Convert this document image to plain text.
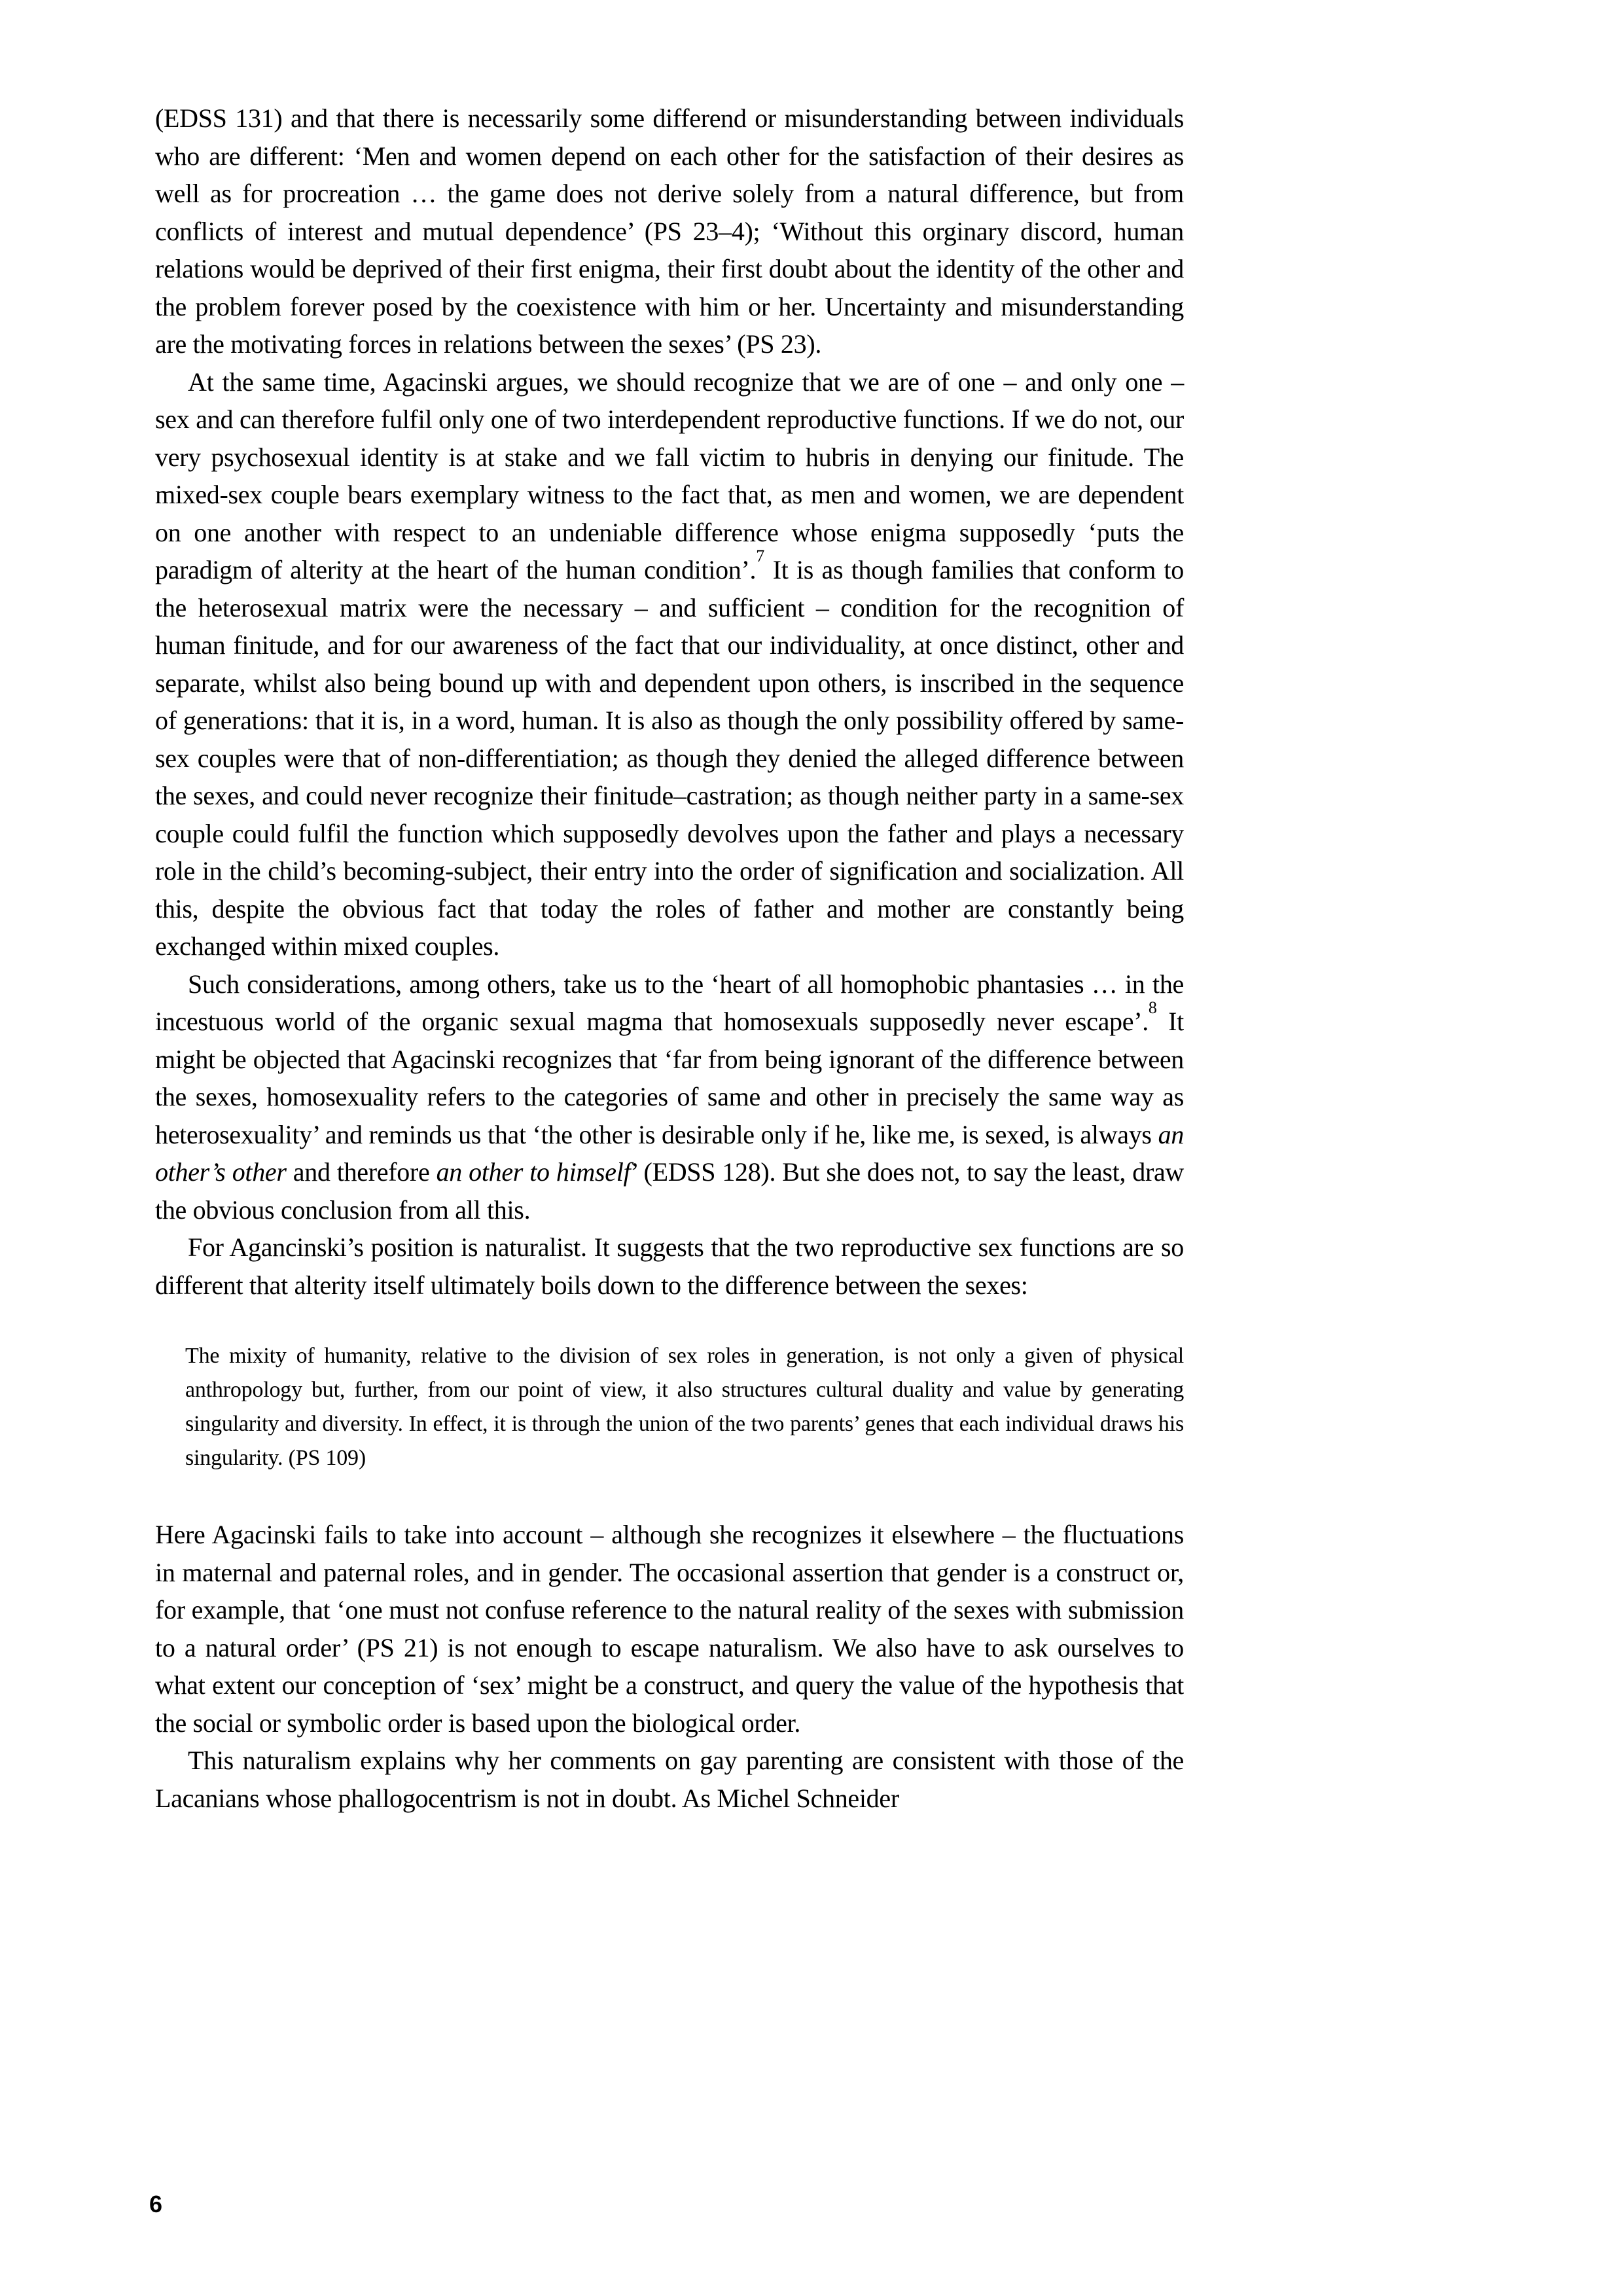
(EDSS 131) and that there is necessarily some differend or misunderstanding between individuals who are different: ‘Men and women depend on each other for the satisfaction of their desires as well as for procreation … the game does not derive solely from a natural difference, but from conflicts of interest and mutual dependence’ (PS 23–4); ‘Without this orginary discord, human relations would be deprived of their first enigma, their first doubt about the identity of the other and the problem forever posed by the coexistence with him or her. Uncertainty and misunderstanding are the motivating forces in relations between the sexes’ (PS 23).

At the same time, Agacinski argues, we should recognize that we are of one – and only one – sex and can therefore fulfil only one of two interdependent reproductive functions. If we do not, our very psychosexual identity is at stake and we fall victim to hubris in denying our finitude. The mixed-sex couple bears exemplary witness to the fact that, as men and women, we are dependent on one another with respect to an undeniable difference whose enigma supposedly ‘puts the paradigm of alterity at the heart of the human condition’.$^7$ It is as though families that conform to the heterosexual matrix were the necessary – and sufficient – condition for the recognition of human finitude, and for our awareness of the fact that our individuality, at once distinct, other and separate, whilst also being bound up with and dependent upon others, is inscribed in the sequence of generations: that it is, in a word, human. It is also as though the only possibility offered by same-sex couples were that of non-differentiation; as though they denied the alleged difference between the sexes, and could never recognize their finitude–castration; as though neither party in a same-sex couple could fulfil the function which supposedly devolves upon the father and plays a necessary role in the child’s becoming-subject, their entry into the order of signification and socialization. All this, despite the obvious fact that today the roles of father and mother are constantly being exchanged within mixed couples.

Such considerations, among others, take us to the ‘heart of all homophobic phantasies … in the incestuous world of the organic sexual magma that homosexuals supposedly never escape’.$^8$ It might be objected that Agacinski recognizes that ‘far from being ignorant of the difference between the sexes, homosexuality refers to the categories of same and other in precisely the same way as heterosexuality’ and reminds us that ‘the other is desirable only if he, like me, is sexed, is always an other’s other and therefore an other to himself’ (EDSS 128). But she does not, to say the least, draw the obvious conclusion from all this.

For Agancinski’s position is naturalist. It suggests that the two reproductive sex functions are so different that alterity itself ultimately boils down to the difference between the sexes:

The mixity of humanity, relative to the division of sex roles in generation, is not only a given of physical anthropology but, further, from our point of view, it also structures cultural duality and value by generating singularity and diversity. In effect, it is through the union of the two parents’ genes that each individual draws his singularity. (PS 109)

Here Agacinski fails to take into account – although she recognizes it elsewhere – the fluctuations in maternal and paternal roles, and in gender. The occasional assertion that gender is a construct or, for example, that ‘one must not confuse reference to the natural reality of the sexes with submission to a natural order’ (PS 21) is not enough to escape naturalism. We also have to ask ourselves to what extent our conception of ‘sex’ might be a construct, and query the value of the hypothesis that the social or symbolic order is based upon the biological order.

This naturalism explains why her comments on gay parenting are consistent with those of the Lacanians whose phallogocentrism is not in doubt. As Michel Schneider

6
